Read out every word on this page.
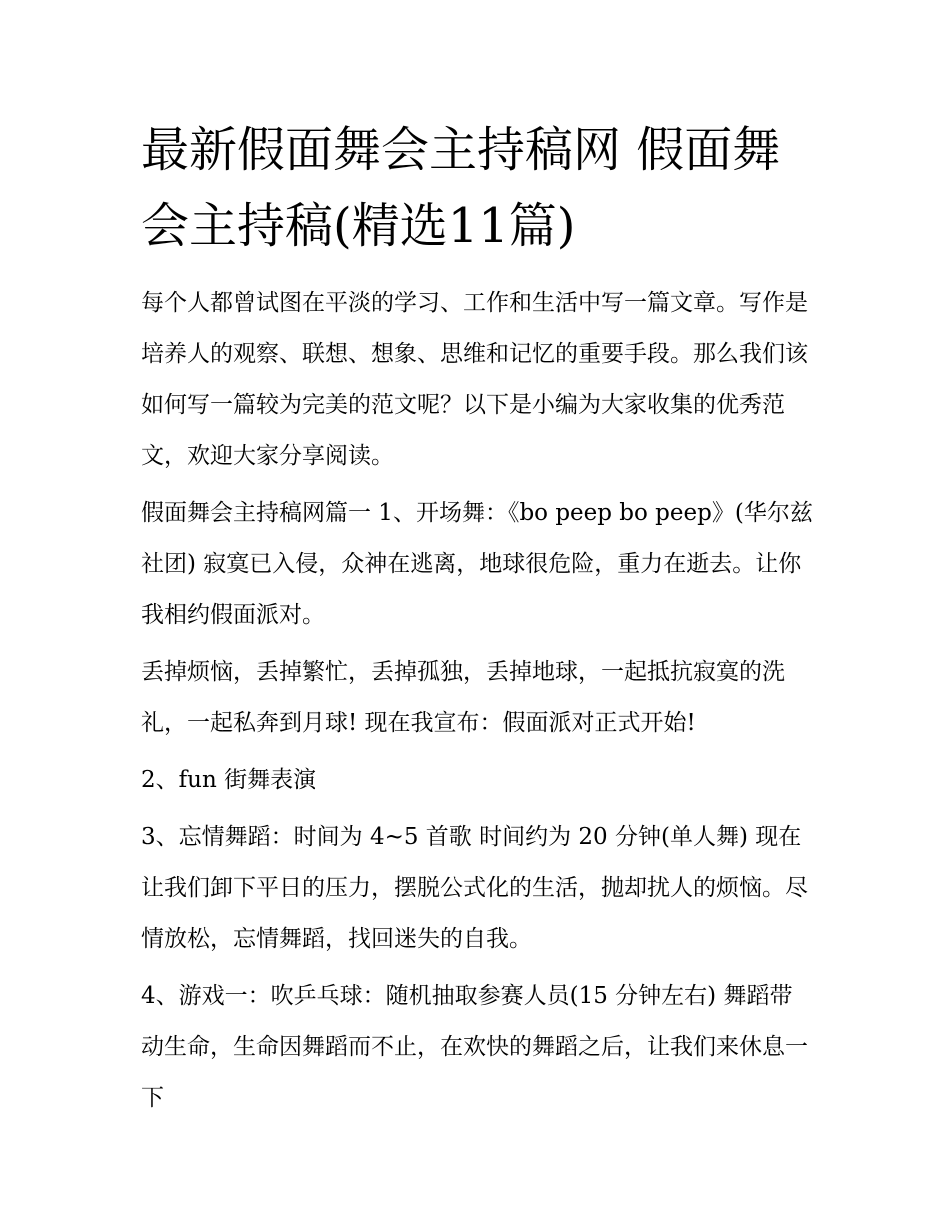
最新假面舞会主持稿网 假面舞会主持稿(精选11篇)

每个人都曾试图在平淡的学习、工作和生活中写一篇文章。写作是培养人的观察、联想、想象、思维和记忆的重要手段。那么我们该如何写一篇较为完美的范文呢？以下是小编为大家收集的优秀范文，欢迎大家分享阅读。

假面舞会主持稿网篇一 1、开场舞：《bo peep bo peep》(华尔兹社团) 寂寞已入侵，众神在逃离，地球很危险，重力在逝去。让你我相约假面派对。

丢掉烦恼，丢掉繁忙，丢掉孤独，丢掉地球，一起抵抗寂寞的洗礼，一起私奔到月球! 现在我宣布：假面派对正式开始!

2、fun 街舞表演

3、忘情舞蹈：时间为 4~5 首歌 时间约为 20 分钟(单人舞) 现在让我们卸下平日的压力，摆脱公式化的生活，抛却扰人的烦恼。尽情放松，忘情舞蹈，找回迷失的自我。

4、游戏一：吹乒乓球：随机抽取参赛人员(15 分钟左右) 舞蹈带动生命，生命因舞蹈而不止，在欢快的舞蹈之后，让我们来休息一下
